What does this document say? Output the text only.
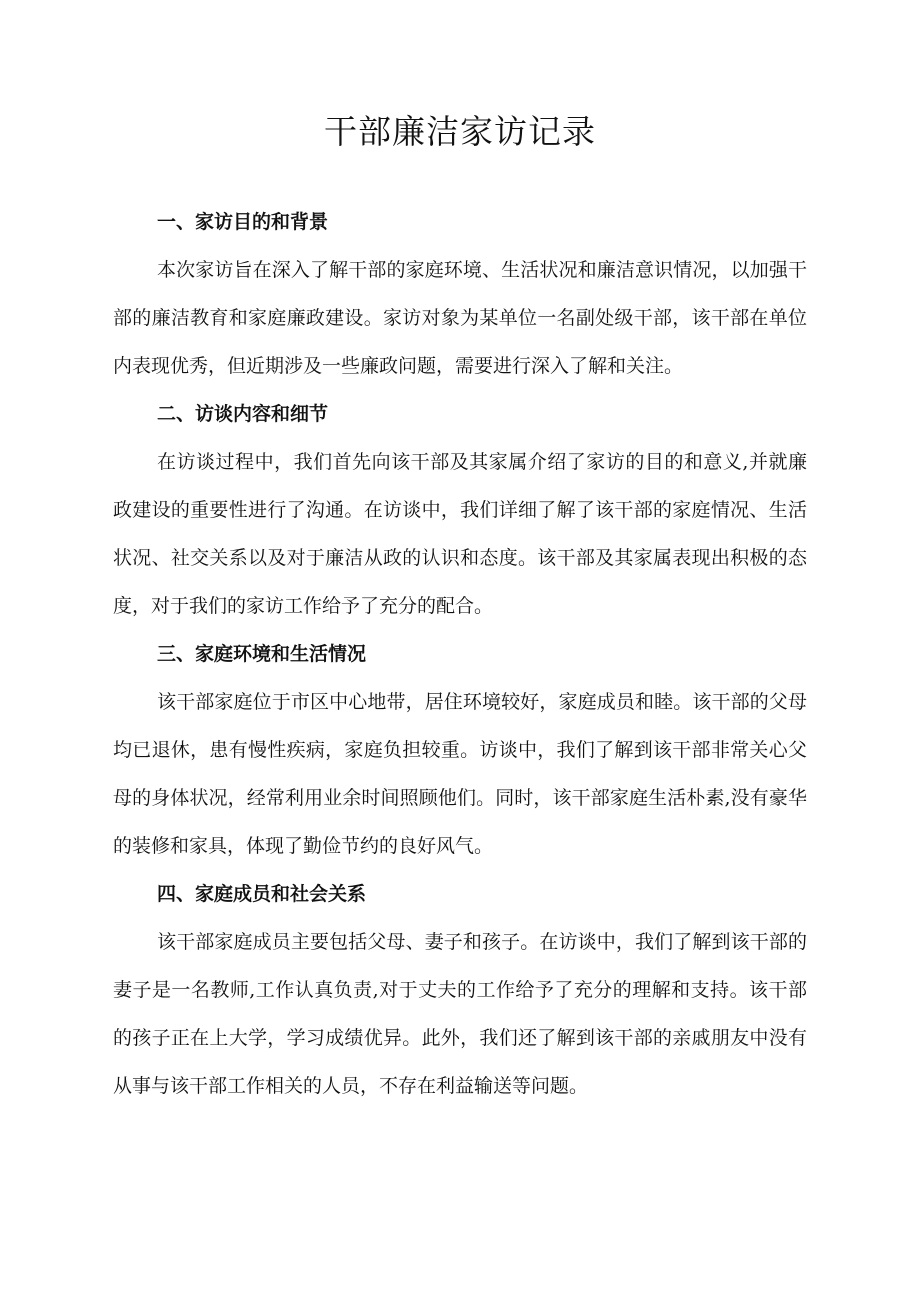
干部廉洁家访记录

一、家访目的和背景

本次家访旨在深入了解干部的家庭环境、生活状况和廉洁意识情况，以加强干部的廉洁教育和家庭廉政建设。家访对象为某单位一名副处级干部，该干部在单位内表现优秀，但近期涉及一些廉政问题，需要进行深入了解和关注。

二、访谈内容和细节

在访谈过程中，我们首先向该干部及其家属介绍了家访的目的和意义,并就廉政建设的重要性进行了沟通。在访谈中，我们详细了解了该干部的家庭情况、生活状况、社交关系以及对于廉洁从政的认识和态度。该干部及其家属表现出积极的态度，对于我们的家访工作给予了充分的配合。

三、家庭环境和生活情况

该干部家庭位于市区中心地带，居住环境较好，家庭成员和睦。该干部的父母均已退休，患有慢性疾病，家庭负担较重。访谈中，我们了解到该干部非常关心父母的身体状况，经常利用业余时间照顾他们。同时，该干部家庭生活朴素,没有豪华的装修和家具，体现了勤俭节约的良好风气。

四、家庭成员和社会关系

该干部家庭成员主要包括父母、妻子和孩子。在访谈中，我们了解到该干部的妻子是一名教师,工作认真负责,对于丈夫的工作给予了充分的理解和支持。该干部的孩子正在上大学，学习成绩优异。此外，我们还了解到该干部的亲戚朋友中没有从事与该干部工作相关的人员，不存在利益输送等问题。
